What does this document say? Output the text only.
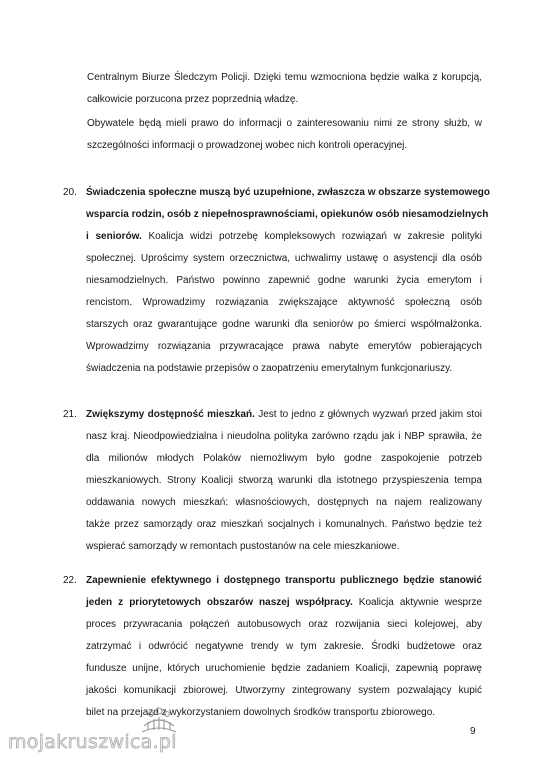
Centralnym Biurze Śledczym Policji. Dzięki temu wzmocniona będzie walka z korupcją,
całkowicie porzucona przez poprzednią władzę.
Obywatele będą mieli prawo do informacji o zainteresowaniu nimi ze strony służb, w
szczególności informacji o prowadzonej wobec nich kontroli operacyjnej.
20. Świadczenia społeczne muszą być uzupełnione, zwłaszcza w obszarze systemowego
wsparcia rodzin, osób z niepełnosprawnościami, opiekunów osób niesamodzielnych
i seniorów. Koalicja widzi potrzebę kompleksowych rozwiązań w zakresie polityki
społecznej. Uprościmy system orzecznictwa, uchwalimy ustawę o asystencji dla osób
niesamodzielnych. Państwo powinno zapewnić godne warunki życia emerytom i
rencistom. Wprowadzimy rozwiązania zwiększające aktywność społeczną osób
starszych oraz gwarantujące godne warunki dla seniorów po śmierci współmałżonka.
Wprowadzimy rozwiązania przywracające prawa nabyte emerytów pobierających
świadczenia na podstawie przepisów o zaopatrzeniu emerytalnym funkcjonariuszy.
21. Zwiększymy dostępność mieszkań. Jest to jedno z głównych wyzwań przed jakim stoi
nasz kraj. Nieodpowiedzialna i nieudolna polityka zarówno rządu jak i NBP sprawiła, że
dla milionów młodych Polaków niemożliwym było godne zaspokojenie potrzeb
mieszkaniowych. Strony Koalicji stworzą warunki dla istotnego przyspieszenia tempa
oddawania nowych mieszkań: własnościowych, dostępnych na najem realizowany
także przez samorządy oraz mieszkań socjalnych i komunalnych. Państwo będzie też
wspierać samorządy w remontach pustostanów na cele mieszkaniowe.
22. Zapewnienie efektywnego i dostępnego transportu publicznego będzie stanowić
jeden z priorytetowych obszarów naszej współpracy. Koalicja aktywnie wesprze
proces przywracania połączeń autobusowych oraz rozwijania sieci kolejowej, aby
zatrzymać i odwrócić negatywne trendy w tym zakresie. Środki budżetowe oraz
fundusze unijne, których uruchomienie będzie zadaniem Koalicji, zapewnią poprawę
jakości komunikacji zbiorowej. Utworzymy zintegrowany system pozwalający kupić
bilet na przejazd z wykorzystaniem dowolnych środków transportu zbiorowego.
9
mojakruszwica.pl
